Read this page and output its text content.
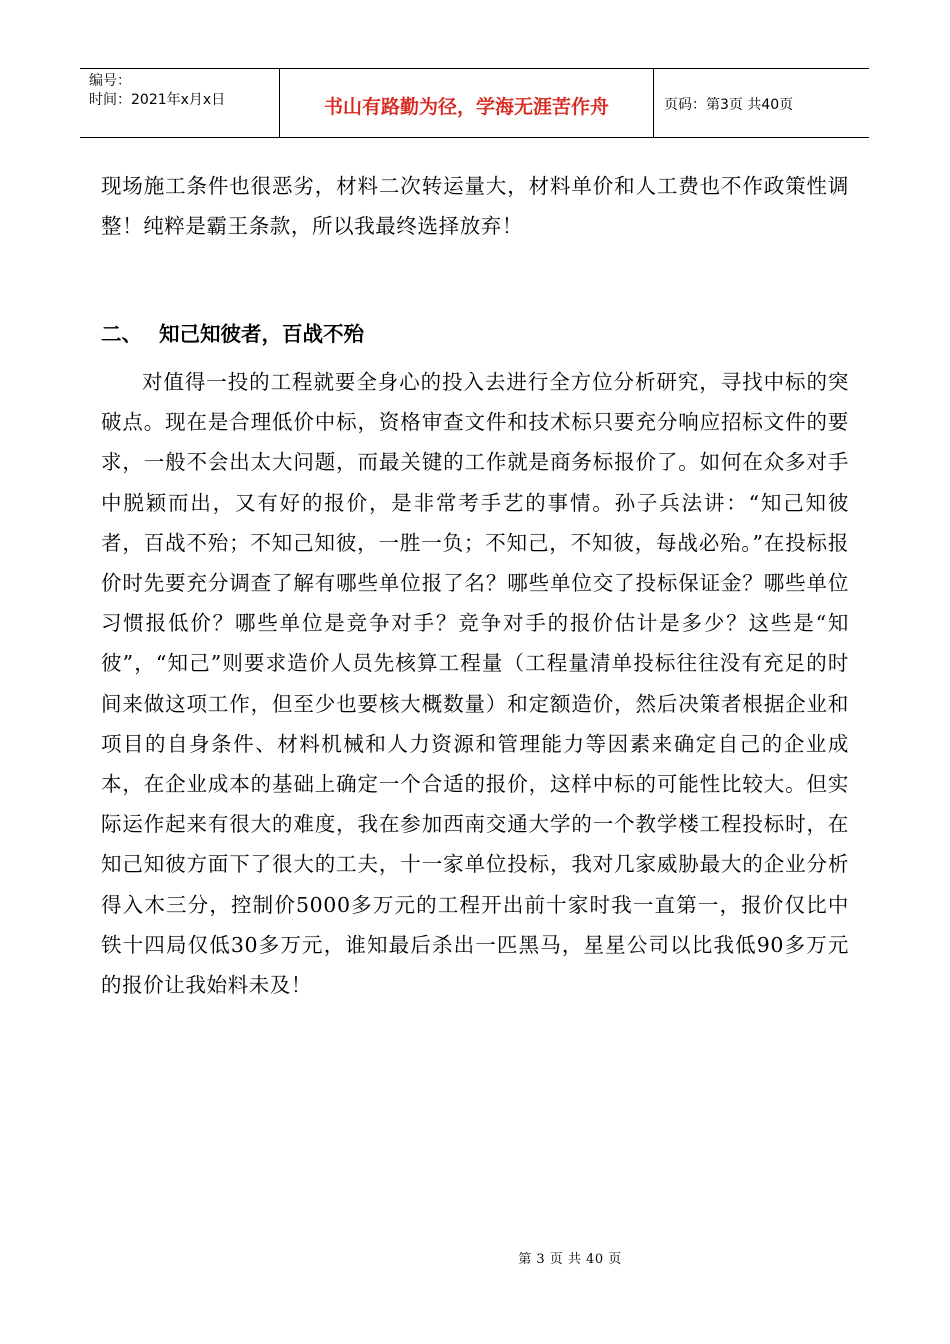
编号：
时间：2021年x月x日	书山有路勤为径，学海无涯苦作舟	页码：第3页 共40页

现场施工条件也很恶劣，材料二次转运量大，材料单价和人工费也不作政策性调整！纯粹是霸王条款，所以我最终选择放弃！

二、 知己知彼者，百战不殆

对值得一投的工程就要全身心的投入去进行全方位分析研究，寻找中标的突破点。现在是合理低价中标，资格审查文件和技术标只要充分响应招标文件的要求，一般不会出太大问题，而最关键的工作就是商务标报价了。如何在众多对手中脱颖而出，又有好的报价，是非常考手艺的事情。孙子兵法讲：“知己知彼者，百战不殆；不知己知彼，一胜一负；不知己，不知彼，每战必殆。”在投标报价时先要充分调查了解有哪些单位报了名？哪些单位交了投标保证金？哪些单位习惯报低价？哪些单位是竞争对手？竞争对手的报价估计是多少？这些是“知彼”，“知己”则要求造价人员先核算工程量（工程量清单投标往往没有充足的时间来做这项工作，但至少也要核大概数量）和定额造价，然后决策者根据企业和项目的自身条件、材料机械和人力资源和管理能力等因素来确定自己的企业成本，在企业成本的基础上确定一个合适的报价，这样中标的可能性比较大。但实际运作起来有很大的难度，我在参加西南交通大学的一个教学楼工程投标时，在知己知彼方面下了很大的工夫，十一家单位投标，我对几家威胁最大的企业分析得入木三分，控制价5000多万元的工程开出前十家时我一直第一，报价仅比中铁十四局仅低30多万元，谁知最后杀出一匹黑马，星星公司以比我低90多万元的报价让我始料未及！

第 3 页 共 40 页
